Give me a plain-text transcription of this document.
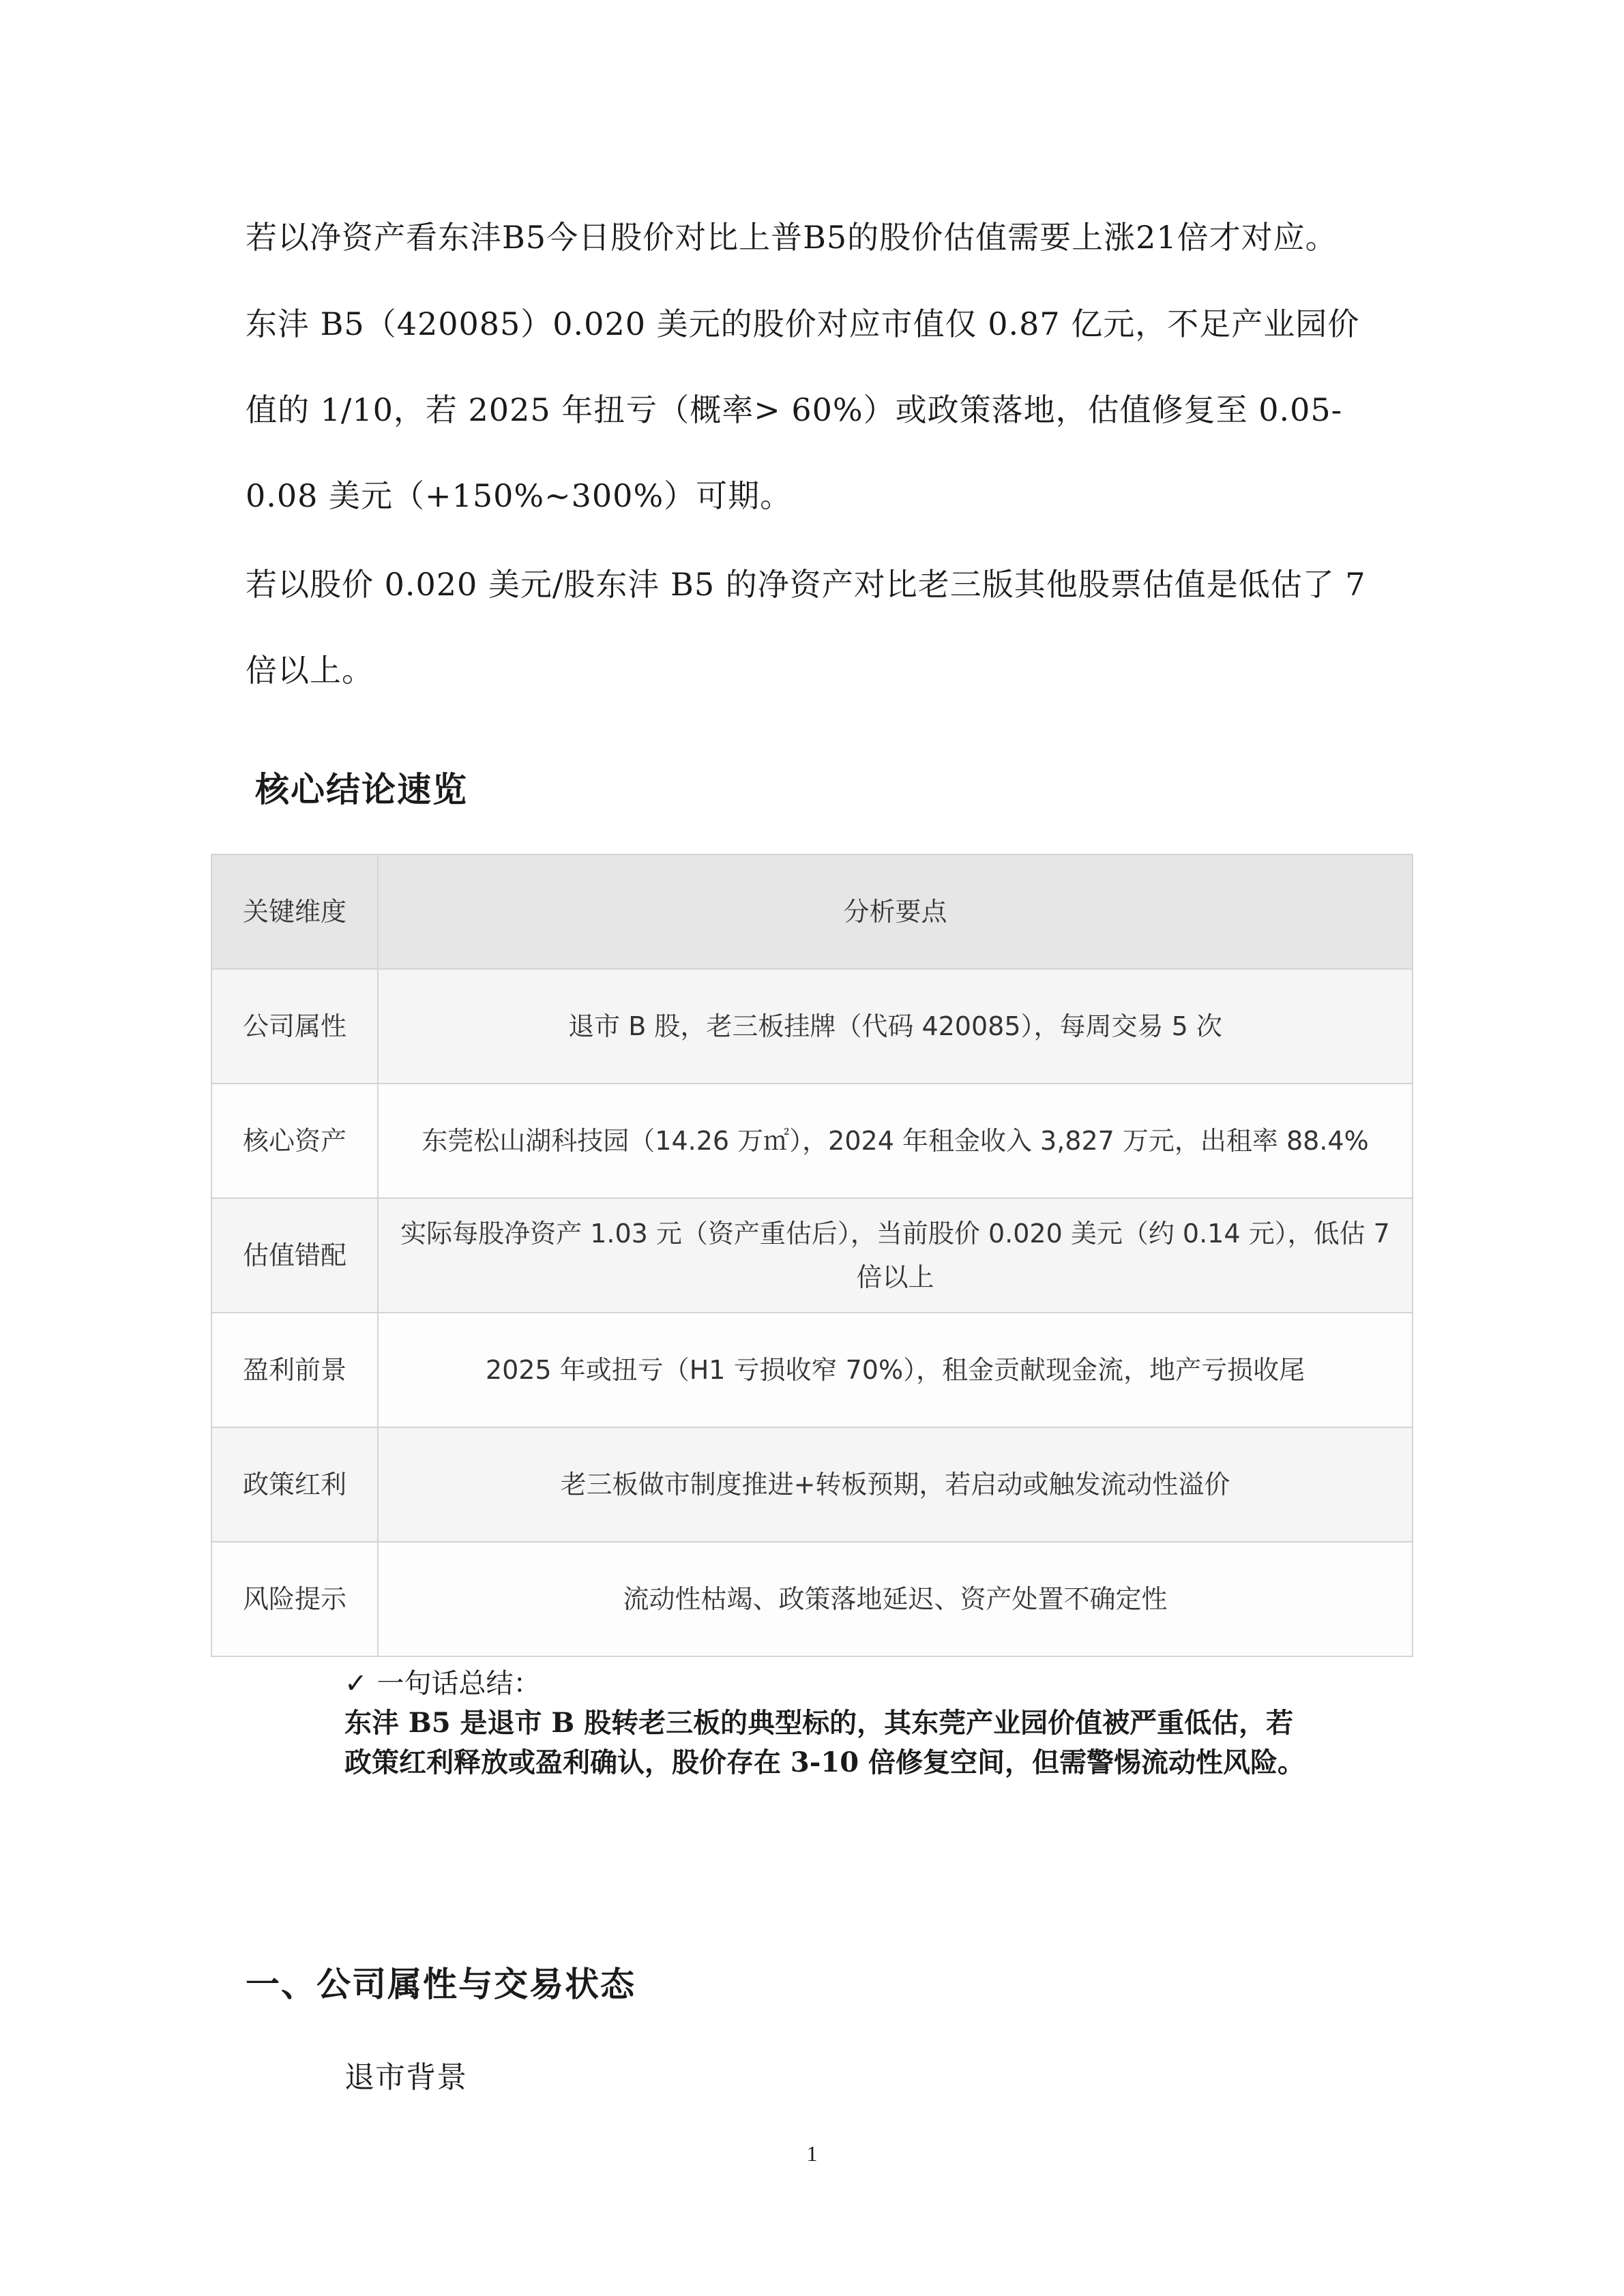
若以净资产看东沣B5今日股价对比上普B5的股价估值需要上涨21倍才对应。
东沣 B5（420085）0.020 美元的股价对应市值仅 0.87 亿元，不足产业园价值的 1/10，若 2025 年扭亏（概率> 60%）或政策落地，估值修复至 0.05-0.08 美元（+150%~300%）可期。
若以股价 0.020 美元/股东沣 B5 的净资产对比老三版其他股票估值是低估了 7 倍以上。
核心结论速览
关键维度	分析要点
公司属性	退市 B 股，老三板挂牌（代码 420085），每周交易 5 次
核心资产	东莞松山湖科技园（14.26 万㎡），2024 年租金收入 3,827 万元，出租率 88.4%
估值错配	实际每股净资产 1.03 元（资产重估后），当前股价 0.020 美元（约 0.14 元），低估 7 倍以上
盈利前景	2025 年或扭亏（H1 亏损收窄 70%），租金贡献现金流，地产亏损收尾
政策红利	老三板做市制度推进+转板预期，若启动或触发流动性溢价
风险提示	流动性枯竭、政策落地延迟、资产处置不确定性
✓ 一句话总结：
东沣 B5 是退市 B 股转老三板的典型标的，其东莞产业园价值被严重低估，若政策红利释放或盈利确认，股价存在 3-10 倍修复空间，但需警惕流动性风险。
一、公司属性与交易状态
退市背景
1
